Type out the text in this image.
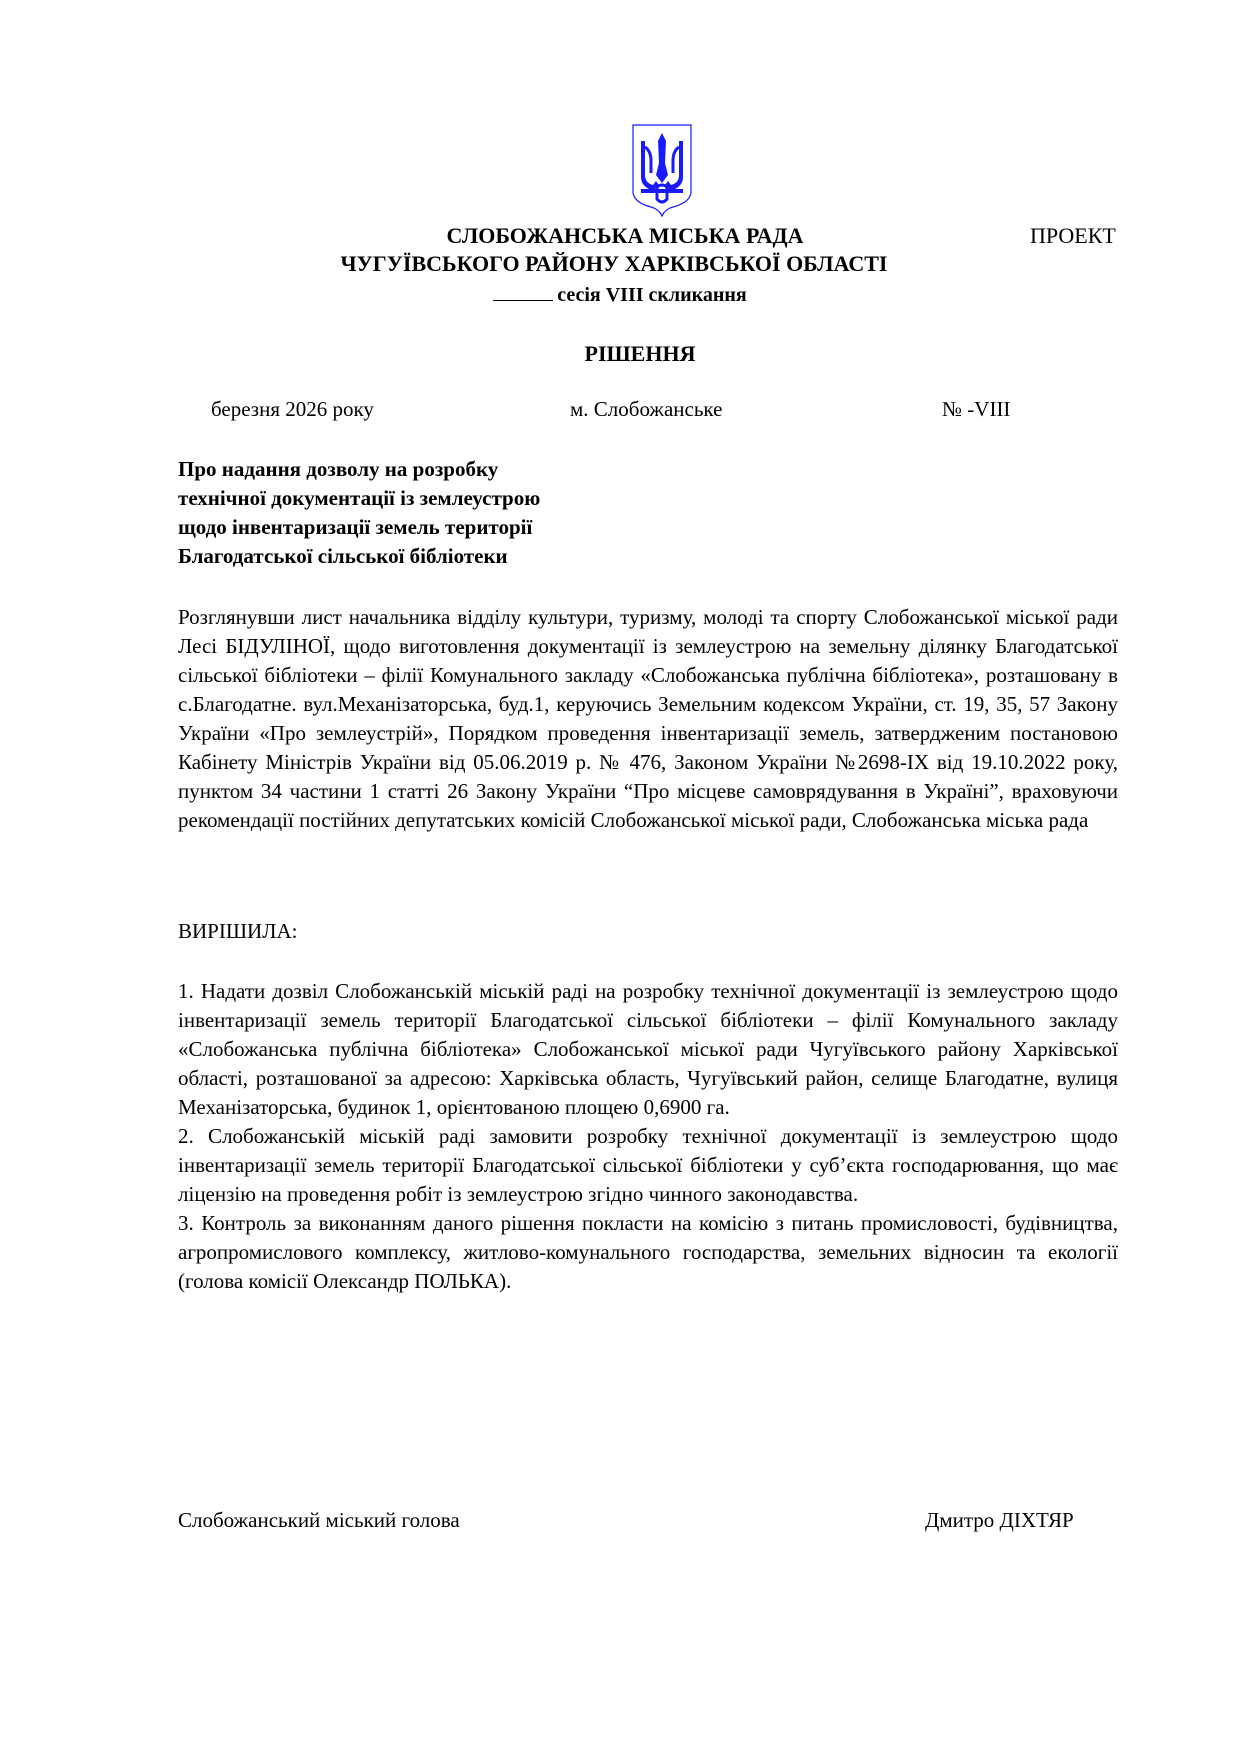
СЛОБОЖАНСЬКА МІСЬКА РАДА	ПРОЕКТ
ЧУГУЇВСЬКОГО РАЙОНУ ХАРКІВСЬКОЇ ОБЛАСТІ
сесія VIII скликання
РІШЕННЯ
березня 2026 року	м. Слобожанське	№ -VIII
Про надання дозволу на розробку
технічної документації із землеустрою
щодо інвентаризації земель території
Благодатської сільської бібліотеки

Розглянувши лист начальника відділу культури, туризму, молоді та спорту Слобожанської міської ради Лесі БІДУЛІНОЇ, щодо виготовлення документації із землеустрою на земельну ділянку Благодатської сільської бібліотеки – філії Комунального закладу «Слобожанська публічна бібліотека», розташовану в с.Благодатне. вул.Механізаторська, буд.1, керуючись Земельним кодексом України, ст. 19, 35, 57 Закону України «Про землеустрій», Порядком проведення інвентаризації земель, затвердженим постановою Кабінету Міністрів України від 05.06.2019 р. № 476, Законом України №2698-IX від 19.10.2022 року, пунктом 34 частини 1 статті 26 Закону України “Про місцеве самоврядування в Україні”, враховуючи рекомендації постійних депутатських комісій Слобожанської міської ради, Слобожанська міська рада

ВИРІШИЛА:

1. Надати дозвіл Слобожанській міській раді на розробку технічної документації із землеустрою щодо інвентаризації земель території Благодатської сільської бібліотеки – філії Комунального закладу «Слобожанська публічна бібліотека» Слобожанської міської ради Чугуївського району Харківської області, розташованої за адресою: Харківська область, Чугуївський район, селище Благодатне, вулиця Механізаторська, будинок 1, орієнтованою площею 0,6900 га.

2. Слобожанській міській раді замовити розробку технічної документації із землеустрою щодо інвентаризації земель території Благодатської сільської бібліотеки у суб’єкта господарювання, що має ліцензію на проведення робіт із землеустрою згідно чинного законодавства.

3. Контроль за виконанням даного рішення покласти на комісію з питань промисловості, будівництва, агропромислового комплексу, житлово-комунального господарства, земельних відносин та екології (голова комісії Олександр ПОЛЬКА).

Слобожанський міський голова	Дмитро ДІХТЯР
